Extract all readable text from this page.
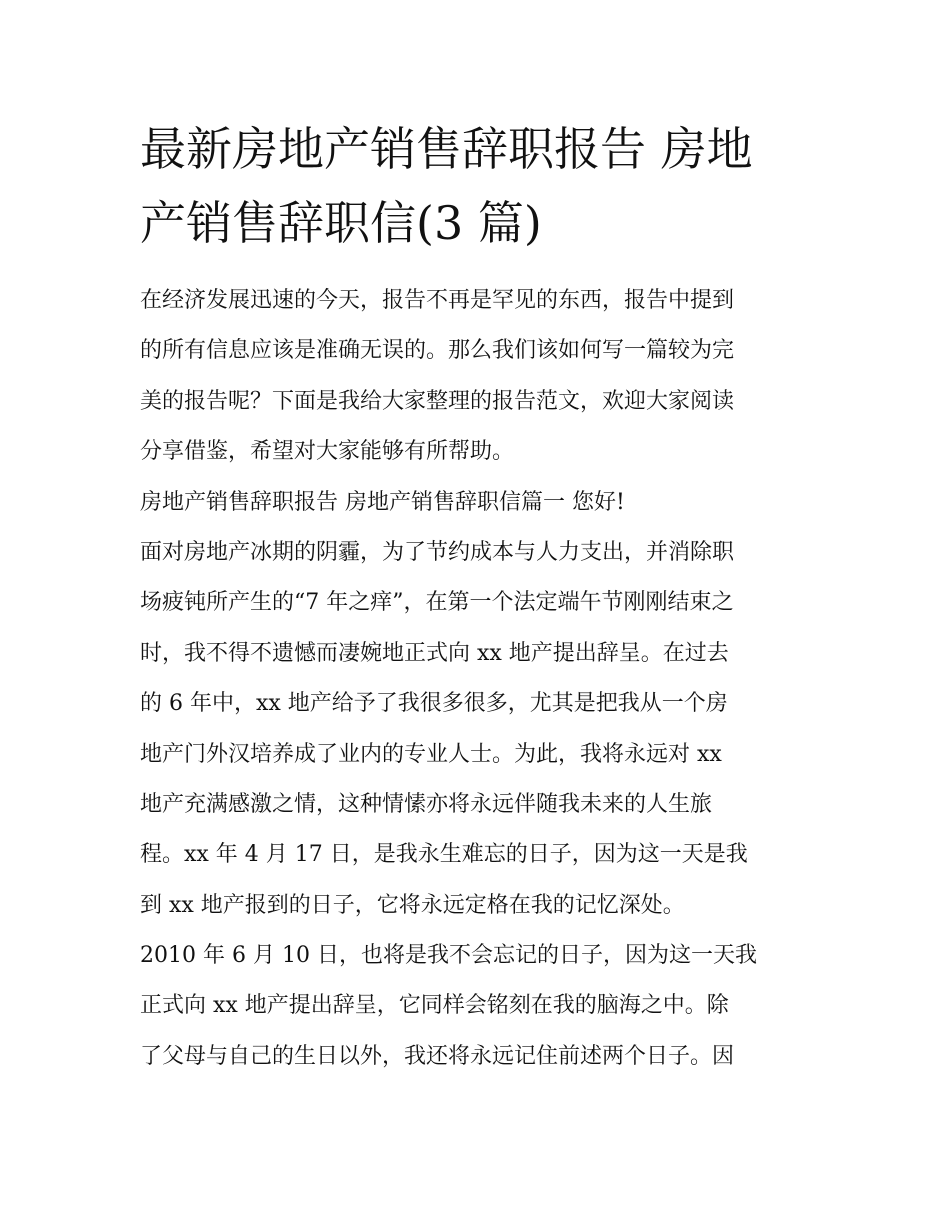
最新房地产销售辞职报告 房地
产销售辞职信(3 篇)
在经济发展迅速的今天，报告不再是罕见的东西，报告中提到
的所有信息应该是准确无误的。那么我们该如何写一篇较为完
美的报告呢？下面是我给大家整理的报告范文，欢迎大家阅读
分享借鉴，希望对大家能够有所帮助。
房地产销售辞职报告 房地产销售辞职信篇一 您好!
面对房地产冰期的阴霾，为了节约成本与人力支出，并消除职
场疲钝所产生的“7 年之痒”，在第一个法定端午节刚刚结束之
时，我不得不遗憾而凄婉地正式向 xx 地产提出辞呈。在过去
的 6 年中，xx 地产给予了我很多很多，尤其是把我从一个房
地产门外汉培养成了业内的专业人士。为此，我将永远对 xx
地产充满感激之情，这种情愫亦将永远伴随我未来的人生旅
程。xx 年 4 月 17 日，是我永生难忘的日子，因为这一天是我
到 xx 地产报到的日子，它将永远定格在我的记忆深处。
2010 年 6 月 10 日，也将是我不会忘记的日子，因为这一天我
正式向 xx 地产提出辞呈，它同样会铭刻在我的脑海之中。除
了父母与自己的生日以外，我还将永远记住前述两个日子。因
